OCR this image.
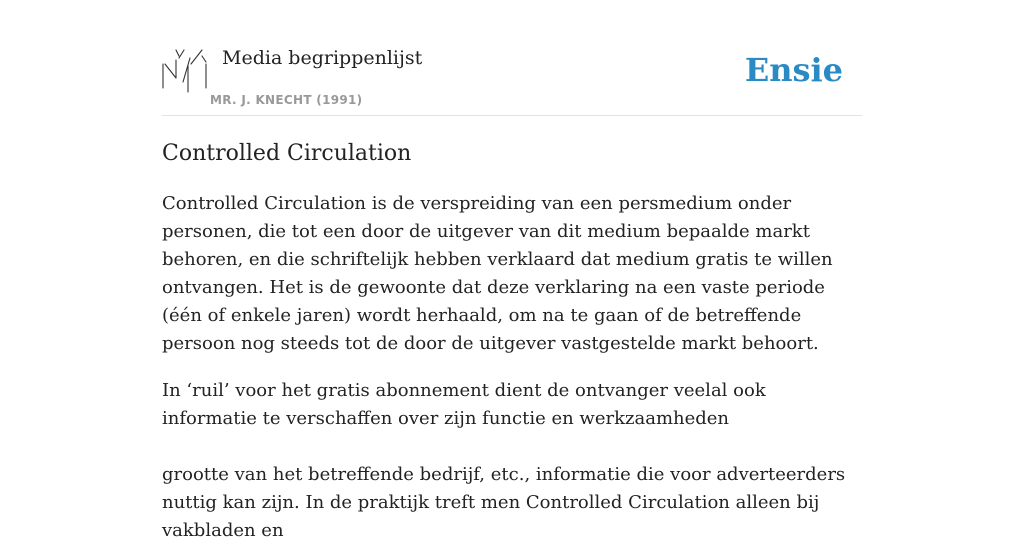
Media begrippenlijst
MR. J. KNECHT (1991)
Ensie
Controlled Circulation

Controlled Circulation is de verspreiding van een persmedium onder personen, die tot een door de uitgever van dit medium bepaalde markt behoren, en die schriftelijk hebben verklaard dat medium gratis te willen ontvangen. Het is de gewoonte dat deze verklaring na een vaste periode (één of enkele jaren) wordt herhaald, om na te gaan of de betreffende persoon nog steeds tot de door de uitgever vastgestelde markt behoort.

In ‘ruil’ voor het gratis abonnement dient de ontvanger veelal ook informatie te verschaffen over zijn functie en werkzaamheden

grootte van het betreffende bedrijf, etc., informatie die voor adverteerders nuttig kan zijn. In de praktijk treft men Controlled Circulation alleen bij vakbladen en
